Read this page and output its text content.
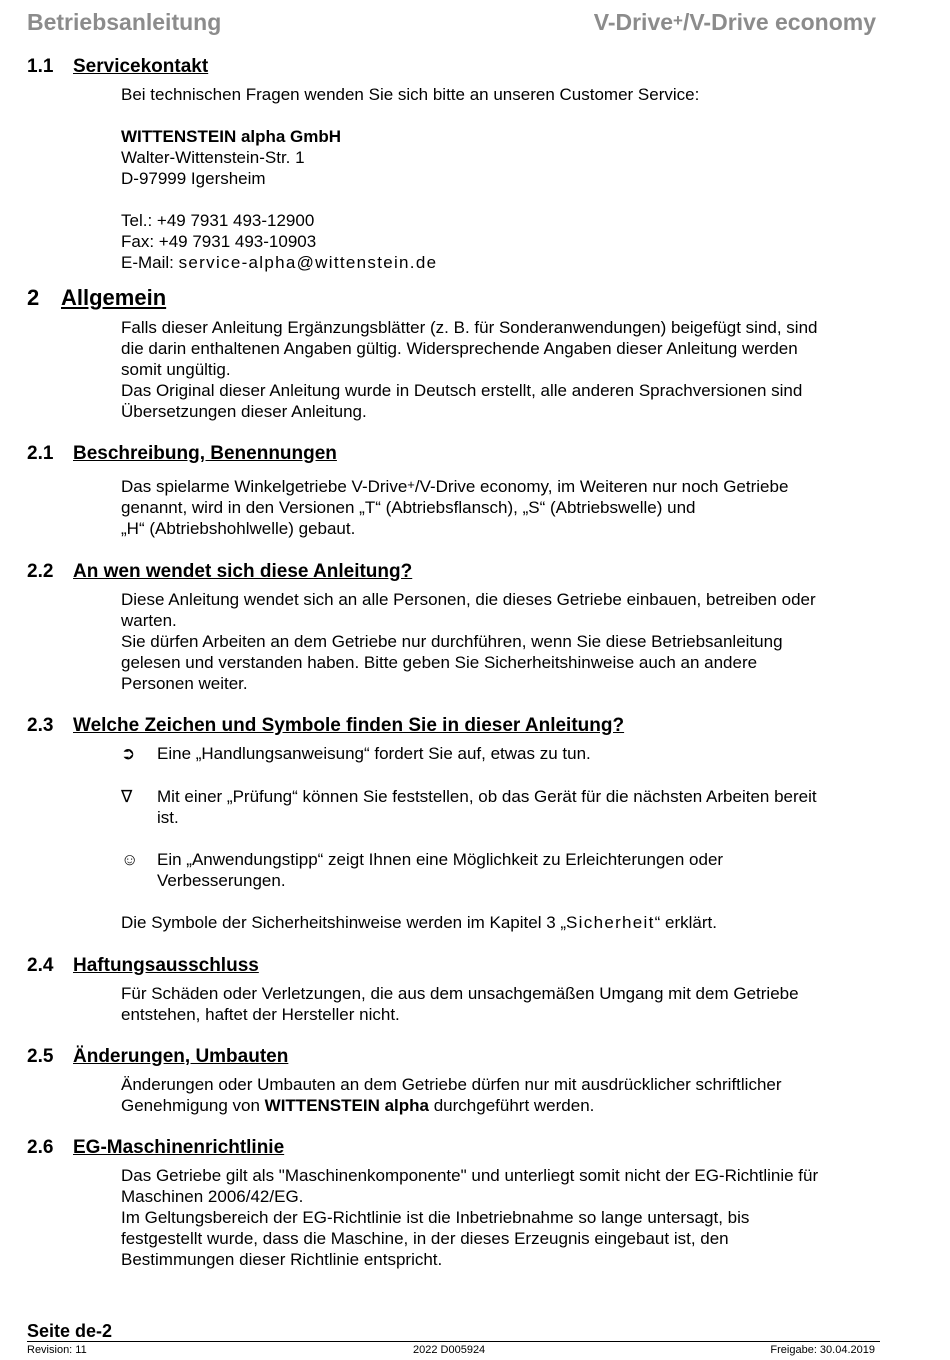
Betriebsanleitung	V-Drive+/V-Drive economy
1.1 Servicekontakt
Bei technischen Fragen wenden Sie sich bitte an unseren Customer Service:
WITTENSTEIN alpha GmbH
Walter-Wittenstein-Str. 1
D-97999 Igersheim
Tel.: +49 7931 493-12900
Fax: +49 7931 493-10903
E-Mail: service-alpha@wittenstein.de
2 Allgemein
Falls dieser Anleitung Ergänzungsblätter (z. B. für Sonderanwendungen) beigefügt sind, sind
die darin enthaltenen Angaben gültig. Widersprechende Angaben dieser Anleitung werden
somit ungültig.
Das Original dieser Anleitung wurde in Deutsch erstellt, alle anderen Sprachversionen sind
Übersetzungen dieser Anleitung.
2.1 Beschreibung, Benennungen
Das spielarme Winkelgetriebe V-Drive+/V-Drive economy, im Weiteren nur noch Getriebe
genannt, wird in den Versionen „T“ (Abtriebsflansch), „S“ (Abtriebswelle) und
„H“ (Abtriebshohlwelle) gebaut.
2.2 An wen wendet sich diese Anleitung?
Diese Anleitung wendet sich an alle Personen, die dieses Getriebe einbauen, betreiben oder
warten.
Sie dürfen Arbeiten an dem Getriebe nur durchführen, wenn Sie diese Betriebsanleitung
gelesen und verstanden haben. Bitte geben Sie Sicherheitshinweise auch an andere
Personen weiter.
2.3 Welche Zeichen und Symbole finden Sie in dieser Anleitung?
➲ Eine „Handlungsanweisung“ fordert Sie auf, etwas zu tun.
∇ Mit einer „Prüfung“ können Sie feststellen, ob das Gerät für die nächsten Arbeiten bereit
ist.
☺ Ein „Anwendungstipp“ zeigt Ihnen eine Möglichkeit zu Erleichterungen oder
Verbesserungen.
Die Symbole der Sicherheitshinweise werden im Kapitel 3 „Sicherheit“ erklärt.
2.4 Haftungsausschluss
Für Schäden oder Verletzungen, die aus dem unsachgemäßen Umgang mit dem Getriebe
entstehen, haftet der Hersteller nicht.
2.5 Änderungen, Umbauten
Änderungen oder Umbauten an dem Getriebe dürfen nur mit ausdrücklicher schriftlicher
Genehmigung von WITTENSTEIN alpha durchgeführt werden.
2.6 EG-Maschinenrichtlinie
Das Getriebe gilt als "Maschinenkomponente" und unterliegt somit nicht der EG-Richtlinie für
Maschinen 2006/42/EG.
Im Geltungsbereich der EG-Richtlinie ist die Inbetriebnahme so lange untersagt, bis
festgestellt wurde, dass die Maschine, in der dieses Erzeugnis eingebaut ist, den
Bestimmungen dieser Richtlinie entspricht.
Seite de-2
Revision: 11	2022 D005924	Freigabe: 30.04.2019
